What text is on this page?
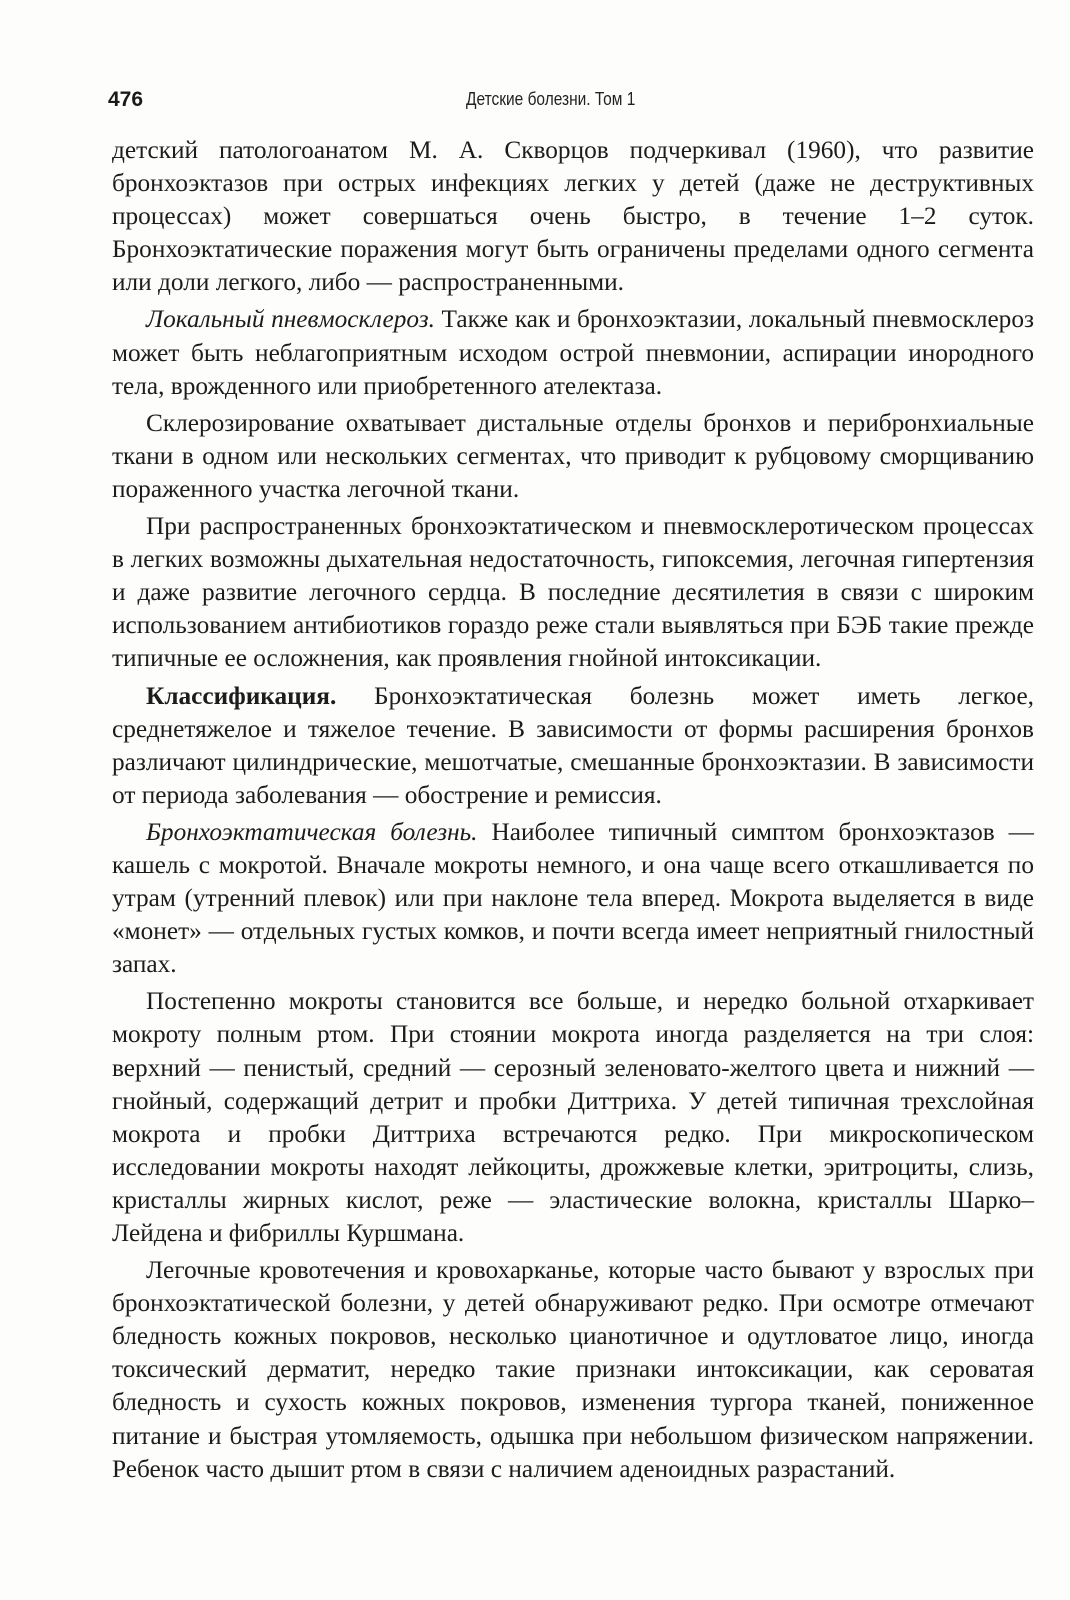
476	Детские болезни. Том 1

детский патологоанатом М. А. Скворцов подчеркивал (1960), что развитие бронхоэктазов при острых инфекциях легких у детей (даже не деструктивных процессах) может совершаться очень быстро, в течение 1–2 суток. Бронхоэктатические поражения могут быть ограничены пределами одного сегмента или доли легкого, либо — распространенными.

Локальный пневмосклероз. Также как и бронхоэктазии, локальный пневмосклероз может быть неблагоприятным исходом острой пневмонии, аспирации инородного тела, врожденного или приобретенного ателектаза.

Склерозирование охватывает дистальные отделы бронхов и перибронхиальные ткани в одном или нескольких сегментах, что приводит к рубцовому сморщиванию пораженного участка легочной ткани.

При распространенных бронхоэктатическом и пневмосклеротическом процессах в легких возможны дыхательная недостаточность, гипоксемия, легочная гипертензия и даже развитие легочного сердца. В последние десятилетия в связи с широким использованием антибиотиков гораздо реже стали выявляться при БЭБ такие прежде типичные ее осложнения, как проявления гнойной интоксикации.

Классификация. Бронхоэктатическая болезнь может иметь легкое, среднетяжелое и тяжелое течение. В зависимости от формы расширения бронхов различают цилиндрические, мешотчатые, смешанные бронхоэктазии. В зависимости от периода заболевания — обострение и ремиссия.

Бронхоэктатическая болезнь. Наиболее типичный симптом бронхоэктазов — кашель с мокротой. Вначале мокроты немного, и она чаще всего откашливается по утрам (утренний плевок) или при наклоне тела вперед. Мокрота выделяется в виде «монет» — отдельных густых комков, и почти всегда имеет неприятный гнилостный запах.

Постепенно мокроты становится все больше, и нередко больной отхаркивает мокроту полным ртом. При стоянии мокрота иногда разделяется на три слоя: верхний — пенистый, средний — серозный зеленовато-желтого цвета и нижний — гнойный, содержащий детрит и пробки Диттриха. У детей типичная трехслойная мокрота и пробки Диттриха встречаются редко. При микроскопическом исследовании мокроты находят лейкоциты, дрожжевые клетки, эритроциты, слизь, кристаллы жирных кислот, реже — эластические волокна, кристаллы Шарко–Лейдена и фибриллы Куршмана.

Легочные кровотечения и кровохарканье, которые часто бывают у взрослых при бронхоэктатической болезни, у детей обнаруживают редко. При осмотре отмечают бледность кожных покровов, несколько цианотичное и одутловатое лицо, иногда токсический дерматит, нередко такие признаки интоксикации, как сероватая бледность и сухость кожных покровов, изменения тургора тканей, пониженное питание и быстрая утомляемость, одышка при небольшом физическом напряжении. Ребенок часто дышит ртом в связи с наличием аденоидных разрастаний.
